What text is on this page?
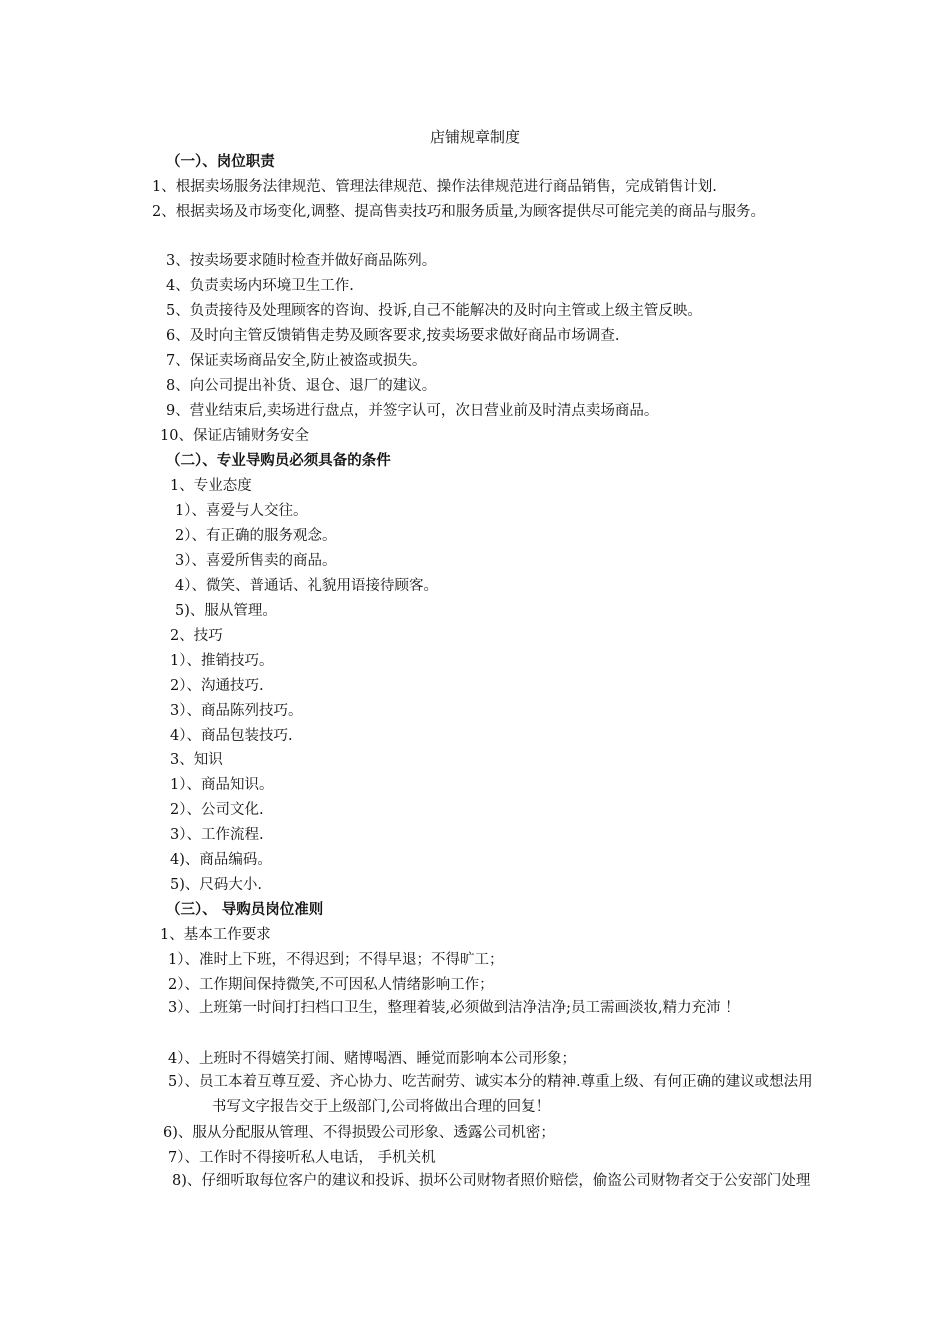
店铺规章制度
（一）、岗位职责
1、根据卖场服务法律规范、管理法律规范、操作法律规范进行商品销售，完成销售计划.
2、根据卖场及市场变化,调整、提高售卖技巧和服务质量,为顾客提供尽可能完美的商品与服务。
3、按卖场要求随时检查并做好商品陈列。
4、负责卖场内环境卫生工作.
5、负责接待及处理顾客的咨询、投诉,自己不能解决的及时向主管或上级主管反映。
6、及时向主管反馈销售走势及顾客要求,按卖场要求做好商品市场调查.
7、保证卖场商品安全,防止被盗或损失。
8、向公司提出补货、退仓、退厂的建议。
9、营业结束后,卖场进行盘点，并签字认可，次日营业前及时清点卖场商品。
10、保证店铺财务安全
（二）、专业导购员必须具备的条件
1、专业态度
1）、喜爱与人交往。
2）、有正确的服务观念。
3）、喜爱所售卖的商品。
4）、微笑、普通话、礼貌用语接待顾客。
5)、服从管理。
2、技巧
1）、推销技巧。
2）、沟通技巧.
3）、商品陈列技巧。
4）、商品包装技巧.
3、知识
1）、商品知识。
2）、公司文化.
3）、工作流程.
4)、商品编码。
5)、尺码大小.
（三）、 导购员岗位准则
1、基本工作要求
1）、准时上下班，不得迟到；不得早退；不得旷工；
2）、工作期间保持微笑,不可因私人情绪影响工作；
3）、上班第一时间打扫档口卫生，整理着装,必须做到洁净洁净;员工需画淡妆,精力充沛 ！
4）、上班时不得嬉笑打闹、赌博喝酒、睡觉而影响本公司形象；
5）、员工本着互尊互爱、齐心协力、吃苦耐劳、诚实本分的精神.尊重上级、有何正确的建议或想法用书写文字报告交于上级部门,公司将做出合理的回复！
6)、服从分配服从管理、不得损毁公司形象、透露公司机密；
7）、工作时不得接听私人电话， 手机关机
8)、仔细听取每位客户的建议和投诉、损坏公司财物者照价赔偿，偷盗公司财物者交于公安部门处理
